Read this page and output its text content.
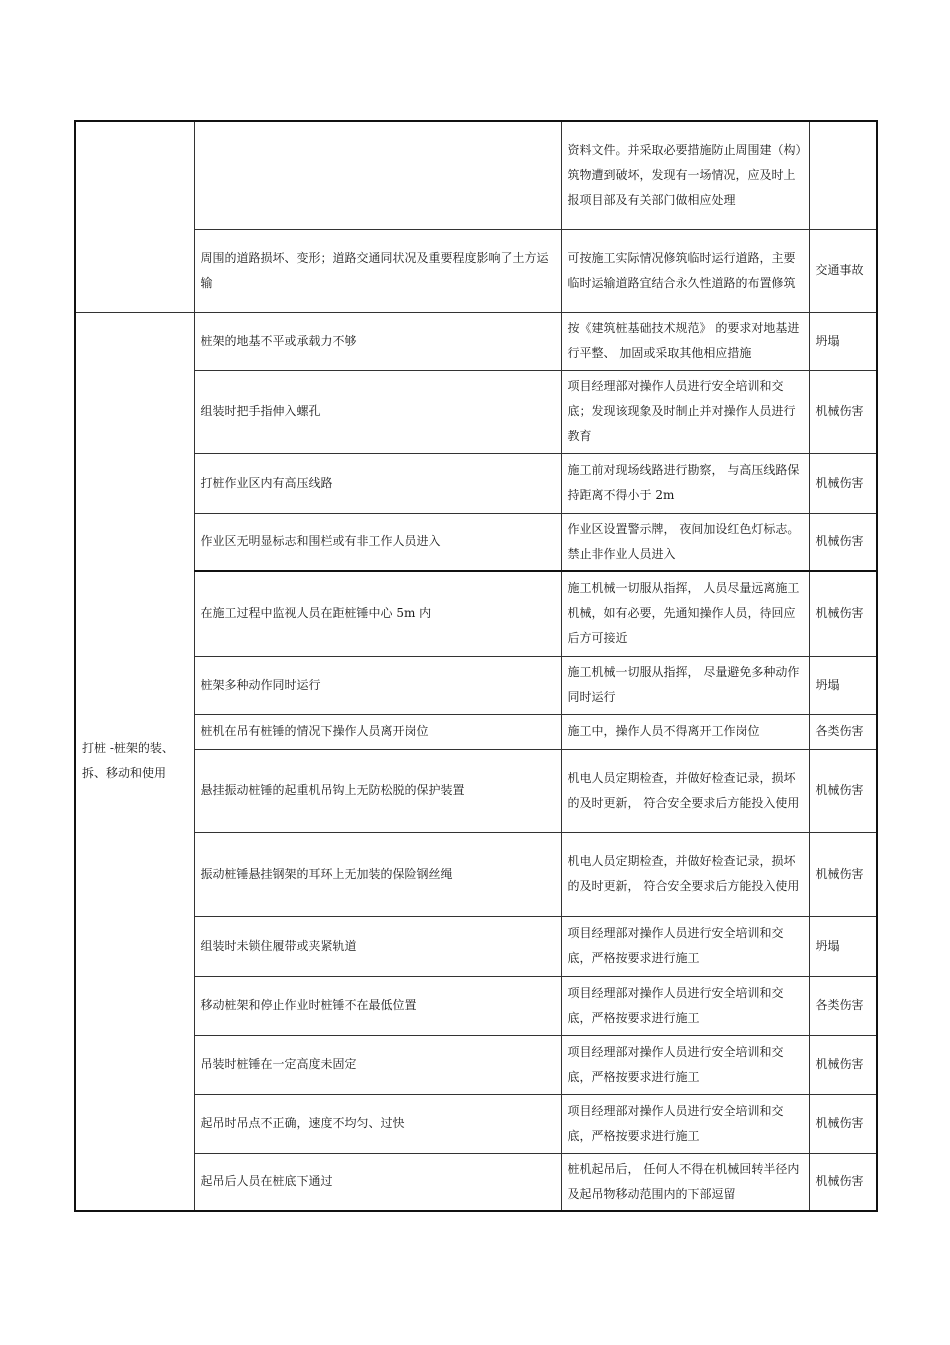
		资料文件。并采取必要措施防止周围建（构）筑物遭到破坏，发现有一场情况，应及时上报项目部及有关部门做相应处理	
	周围的道路损坏、变形；道路交通同状况及重要程度影响了土方运输	可按施工实际情况修筑临时运行道路，主要临时运输道路宜结合永久性道路的布置修筑	交通事故
打桩 -桩架的装、拆、移动和使用	桩架的地基不平或承载力不够	按《建筑桩基础技术规范》 的要求对地基进行平整、 加固或采取其他相应措施	坍塌
	组装时把手指伸入螺孔	项目经理部对操作人员进行安全培训和交底；发现该现象及时制止并对操作人员进行教育	机械伤害
	打桩作业区内有高压线路	施工前对现场线路进行勘察， 与高压线路保持距离不得小于 2m	机械伤害
	作业区无明显标志和围栏或有非工作人员进入	作业区设置警示牌， 夜间加设红色灯标志。禁止非作业人员进入	机械伤害
	在施工过程中监视人员在距桩锤中心 5m 内	施工机械一切服从指挥， 人员尽量远离施工机械，如有必要，先通知操作人员，待回应后方可接近	机械伤害
	桩架多种动作同时运行	施工机械一切服从指挥， 尽量避免多种动作同时运行	坍塌
	桩机在吊有桩锤的情况下操作人员离开岗位	施工中，操作人员不得离开工作岗位	各类伤害
	悬挂振动桩锤的起重机吊钩上无防松脱的保护装置	机电人员定期检查，并做好检查记录，损坏的及时更新， 符合安全要求后方能投入使用	机械伤害
	振动桩锤悬挂钢架的耳环上无加装的保险钢丝绳	机电人员定期检查，并做好检查记录，损坏的及时更新， 符合安全要求后方能投入使用	机械伤害
	组装时未锁住履带或夹紧轨道	项目经理部对操作人员进行安全培训和交底，严格按要求进行施工	坍塌
	移动桩架和停止作业时桩锤不在最低位置	项目经理部对操作人员进行安全培训和交底，严格按要求进行施工	各类伤害
	吊装时桩锤在一定高度未固定	项目经理部对操作人员进行安全培训和交底，严格按要求进行施工	机械伤害
	起吊时吊点不正确，速度不均匀、过快	项目经理部对操作人员进行安全培训和交底，严格按要求进行施工	机械伤害
	起吊后人员在桩底下通过	桩机起吊后， 任何人不得在机械回转半径内及起吊物移动范围内的下部逗留	机械伤害
